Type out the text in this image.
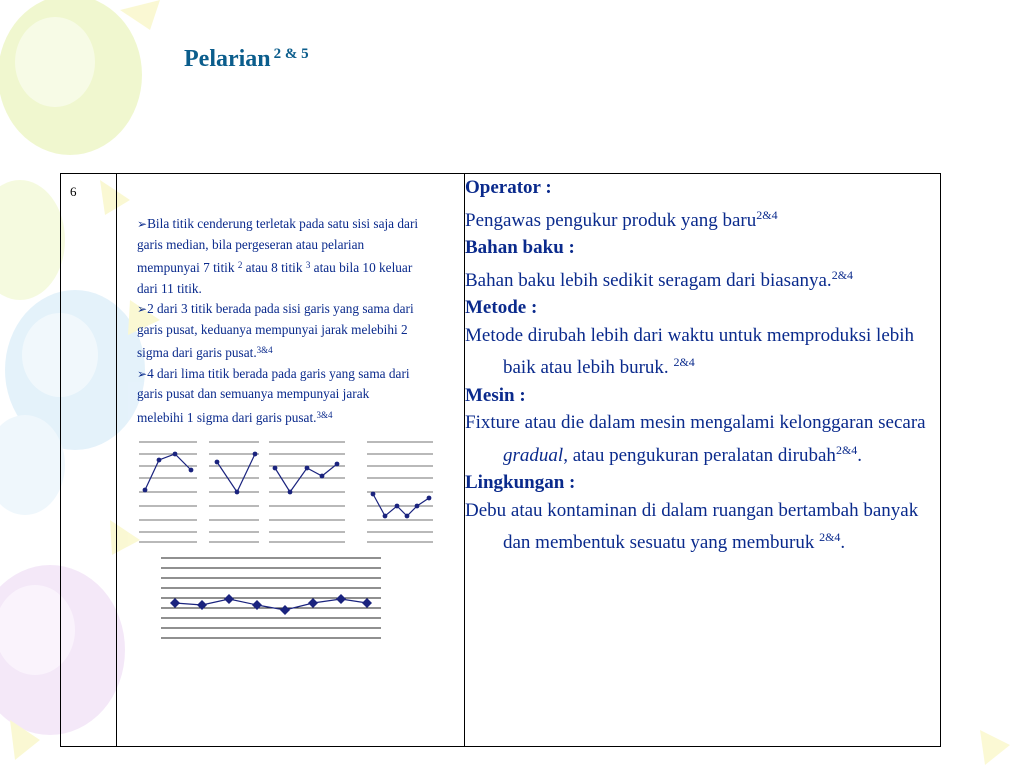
Pelarian $^{2 \& 5}$
6

➢Bila titik cenderung terletak pada satu sisi saja dari garis median, bila pergeseran atau pelarian mempunyai 7 titik $^2$ atau 8 titik $^3$ atau bila 10 keluar dari 11 titik.

➢2 dari 3 titik berada pada sisi garis yang sama dari garis pusat, keduanya mempunyai jarak melebihi 2 sigma dari garis pusat.$^{3\&4}$

➢4 dari lima titik berada pada garis yang sama dari garis pusat dan semuanya mempunyai jarak melebihi 1 sigma dari garis pusat.$^{3\&4}$

Operator :

Pengawas pengukur produk yang baru$^{2\&4}$

Bahan baku :

Bahan baku lebih sedikit seragam dari biasanya.$^{2\&4}$

Metode :

Metode dirubah lebih dari waktu untuk memproduksi lebih baik atau lebih buruk. $^{2\&4}$

Mesin :

Fixture atau die dalam mesin mengalami kelonggaran secara gradual, atau pengukuran peralatan dirubah$^{2\&4}$.

Lingkungan :

Debu atau kontaminan di dalam ruangan bertambah banyak dan membentuk sesuatu yang memburuk $^{2\&4}$.
